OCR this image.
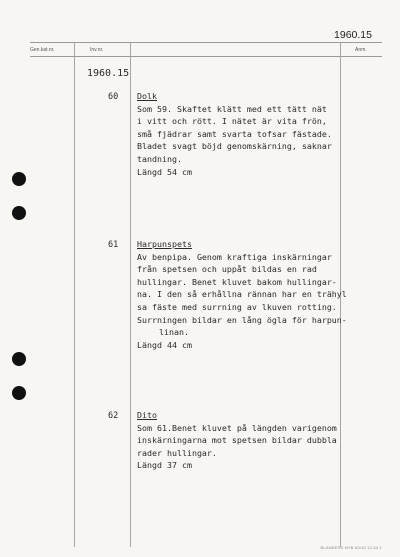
1960.15
Gen.kat.nr.	Inv.nr.	Anm.
1960.15
60 Dolk
Som 59. Skaftet klätt med ett tätt nät
i vitt och rött. I nätet är vita frön,
små fjädrar samt svarta tofsar fästade.
Bladet svagt böjd genomskärning, saknar
tandning.
Längd 54 cm
61 Harpunspets
Av benpipa. Genom kraftiga inskärningar
från spetsen och uppåt bildas en rad
hullingar. Benet kluvet bakom hullingar-
na. I den så erhållna rännan har en trähyl
sa fäste med surrning av lkuven rotting.
Surrningen bildar en lång ögla för harpun-
linan.
Längd 44 cm
62 Dito
Som 61.Benet kluvet på längden varigenom
inskärningarna mot spetsen bildar dubbla
rader hullingar.
Längd 37 cm
BLANKERS NYB 60/10 12.64 1
